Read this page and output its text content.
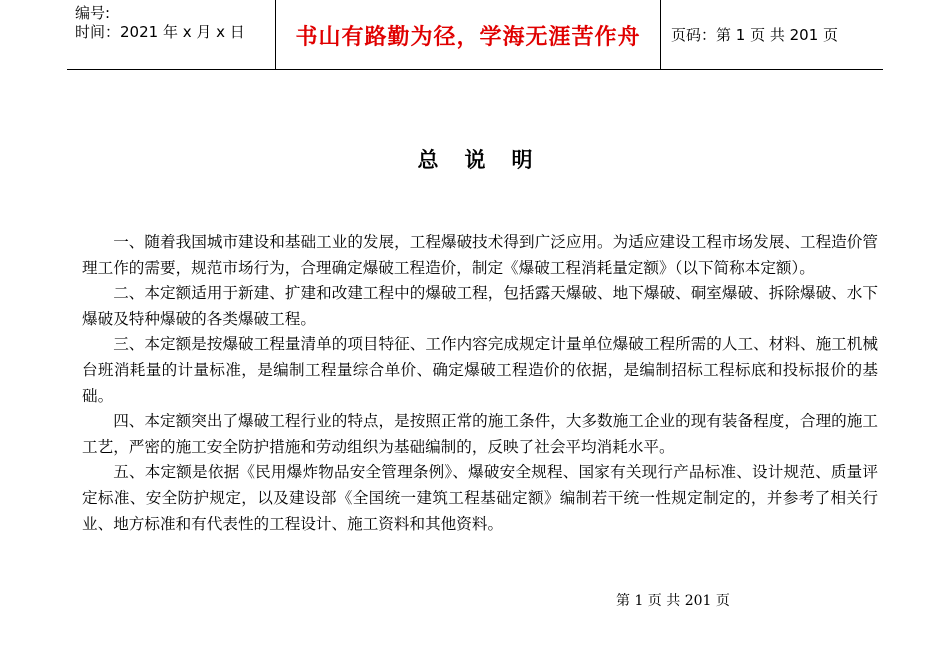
编号:
时间：2021 年 x 月 x 日	书山有路勤为径，学海无涯苦作舟 页码：第 1 页 共 201 页
总说明

一、随着我国城市建设和基础工业的发展，工程爆破技术得到广泛应用。为适应建设工程市场发展、工程造价管理工作的需要，规范市场行为，合理确定爆破工程造价，制定《爆破工程消耗量定额》（以下简称本定额）。

二、本定额适用于新建、扩建和改建工程中的爆破工程，包括露天爆破、地下爆破、硐室爆破、拆除爆破、水下爆破及特种爆破的各类爆破工程。

三、本定额是按爆破工程量清单的项目特征、工作内容完成规定计量单位爆破工程所需的人工、材料、施工机械台班消耗量的计量标准，是编制工程量综合单价、确定爆破工程造价的依据，是编制招标工程标底和投标报价的基础。

四、本定额突出了爆破工程行业的特点，是按照正常的施工条件，大多数施工企业的现有装备程度，合理的施工工艺，严密的施工安全防护措施和劳动组织为基础编制的，反映了社会平均消耗水平。

五、本定额是依据《民用爆炸物品安全管理条例》、爆破安全规程、国家有关现行产品标准、设计规范、质量评定标准、安全防护规定，以及建设部《全国统一建筑工程基础定额》编制若干统一性规定制定的，并参考了相关行业、地方标准和有代表性的工程设计、施工资料和其他资料。

第 1 页 共 201 页
